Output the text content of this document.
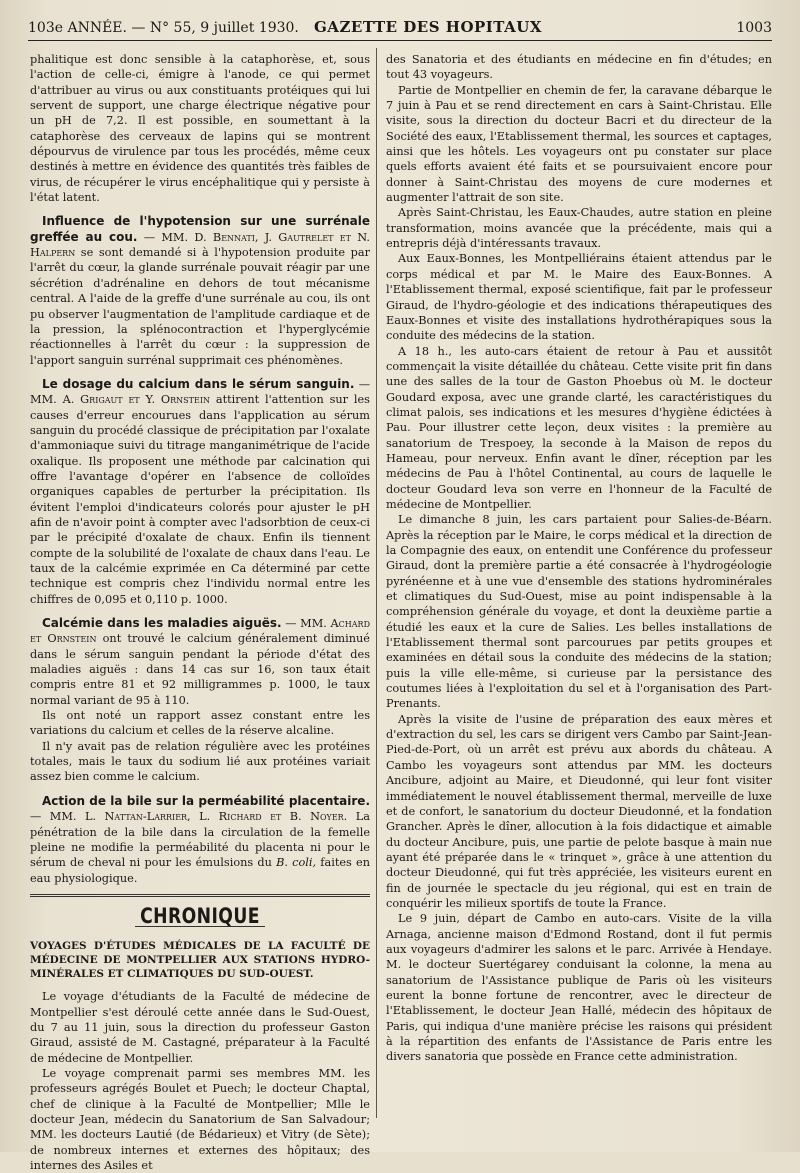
103e ANNÉE. — N° 55, 9 juillet 1930. GAZETTE DES HOPITAUX	1003

phalitique est donc sensible à la cataphorèse, et, sous l'action de celle-ci, émigre à l'anode, ce qui permet d'attribuer au virus ou aux constituants protéiques qui lui servent de support, une charge électrique négative pour un pH de 7,2. Il est possible, en soumettant à la cataphorèse des cerveaux de lapins qui se montrent dépourvus de virulence par tous les procédés, même ceux destinés à mettre en évidence des quantités très faibles de virus, de récupérer le virus encéphalitique qui y persiste à l'état latent.

Influence de l'hypotension sur une surrénale greffée au cou. — MM. D. Bennati, J. Gautrelet et N. Halpern se sont demandé si à l'hypotension produite par l'arrêt du cœur, la glande surrénale pouvait réagir par une sécrétion d'adrénaline en dehors de tout mécanisme central. A l'aide de la greffe d'une surrénale au cou, ils ont pu observer l'augmentation de l'amplitude cardiaque et de la pression, la splénocontraction et l'hyperglycémie réactionnelles à l'arrêt du cœur : la suppression de l'apport sanguin surrénal supprimait ces phénomènes.

Le dosage du calcium dans le sérum sanguin. — MM. A. Grigaut et Y. Ornstein attirent l'attention sur les causes d'erreur encourues dans l'application au sérum sanguin du procédé classique de précipitation par l'oxalate d'ammoniaque suivi du titrage manganimétrique de l'acide oxalique. Ils proposent une méthode par calcination qui offre l'avantage d'opérer en l'absence de colloïdes organiques capables de perturber la précipitation. Ils évitent l'emploi d'indicateurs colorés pour ajuster le pH afin de n'avoir point à compter avec l'adsorbtion de ceux-ci par le précipité d'oxalate de chaux. Enfin ils tiennent compte de la solubilité de l'oxalate de chaux dans l'eau. Le taux de la calcémie exprimée en Ca déterminé par cette technique est compris chez l'individu normal entre les chiffres de 0,095 et 0,110 p. 1000.

Calcémie dans les maladies aiguës. — MM. Achard et Ornstein ont trouvé le calcium généralement diminué dans le sérum sanguin pendant la période d'état des maladies aiguës : dans 14 cas sur 16, son taux était compris entre 81 et 92 milligrammes p. 1000, le taux normal variant de 95 à 110.

Ils ont noté un rapport assez constant entre les variations du calcium et celles de la réserve alcaline.

Il n'y avait pas de relation régulière avec les protéines totales, mais le taux du sodium lié aux protéines variait assez bien comme le calcium.

Action de la bile sur la perméabilité placentaire. — MM. L. Nattan-Larrier, L. Richard et B. Noyer. La pénétration de la bile dans la circulation de la femelle pleine ne modifie la perméabilité du placenta ni pour le sérum de cheval ni pour les émulsions du B. coli, faites en eau physiologique.

CHRONIQUE

VOYAGES D'ÉTUDES MÉDICALES DE LA FACULTÉ DE MÉDECINE DE MONTPELLIER AUX STATIONS HYDRO-MINÉRALES ET CLIMATIQUES DU SUD-OUEST.

Le voyage d'étudiants de la Faculté de médecine de Montpellier s'est déroulé cette année dans le Sud-Ouest, du 7 au 11 juin, sous la direction du professeur Gaston Giraud, assisté de M. Castagné, préparateur à la Faculté de médecine de Montpellier.

Le voyage comprenait parmi ses membres MM. les professeurs agrégés Boulet et Puech; le docteur Chaptal, chef de clinique à la Faculté de Montpellier; Mlle le docteur Jean, médecin du Sanatorium de San Salvadour; MM. les docteurs Lautié (de Bédarieux) et Vitry (de Sète); de nombreux internes et externes des hôpitaux; des internes des Asiles et

des Sanatoria et des étudiants en médecine en fin d'études; en tout 43 voyageurs.

Partie de Montpellier en chemin de fer, la caravane débarque le 7 juin à Pau et se rend directement en cars à Saint-Christau. Elle visite, sous la direction du docteur Bacri et du directeur de la Société des eaux, l'Etablissement thermal, les sources et captages, ainsi que les hôtels. Les voyageurs ont pu constater sur place quels efforts avaient été faits et se poursuivaient encore pour donner à Saint-Christau des moyens de cure modernes et augmenter l'attrait de son site.

Après Saint-Christau, les Eaux-Chaudes, autre station en pleine transformation, moins avancée que la précédente, mais qui a entrepris déjà d'intéressants travaux.

Aux Eaux-Bonnes, les Montpelliérains étaient attendus par le corps médical et par M. le Maire des Eaux-Bonnes. A l'Etablissement thermal, exposé scientifique, fait par le professeur Giraud, de l'hydro-géologie et des indications thérapeutiques des Eaux-Bonnes et visite des installations hydrothérapiques sous la conduite des médecins de la station.

A 18 h., les auto-cars étaient de retour à Pau et aussitôt commençait la visite détaillée du château. Cette visite prit fin dans une des salles de la tour de Gaston Phoebus où M. le docteur Goudard exposa, avec une grande clarté, les caractéristiques du climat palois, ses indications et les mesures d'hygiène édictées à Pau. Pour illustrer cette leçon, deux visites : la première au sanatorium de Trespoey, la seconde à la Maison de repos du Hameau, pour nerveux. Enfin avant le dîner, réception par les médecins de Pau à l'hôtel Continental, au cours de laquelle le docteur Goudard leva son verre en l'honneur de la Faculté de médecine de Montpellier.

Le dimanche 8 juin, les cars partaient pour Salies-de-Béarn. Après la réception par le Maire, le corps médical et la direction de la Compagnie des eaux, on entendit une Conférence du professeur Giraud, dont la première partie a été consacrée à l'hydrogéologie pyrénéenne et à une vue d'ensemble des stations hydrominérales et climatiques du Sud-Ouest, mise au point indispensable à la compréhension générale du voyage, et dont la deuxième partie a étudié les eaux et la cure de Salies. Les belles installations de l'Etablissement thermal sont parcourues par petits groupes et examinées en détail sous la conduite des médecins de la station; puis la ville elle-même, si curieuse par la persistance des coutumes liées à l'exploitation du sel et à l'organisation des Part-Prenants.

Après la visite de l'usine de préparation des eaux mères et d'extraction du sel, les cars se dirigent vers Cambo par Saint-Jean-Pied-de-Port, où un arrêt est prévu aux abords du château. A Cambo les voyageurs sont attendus par MM. les docteurs Ancibure, adjoint au Maire, et Dieudonné, qui leur font visiter immédiatement le nouvel établissement thermal, merveille de luxe et de confort, le sanatorium du docteur Dieudonné, et la fondation Grancher. Après le dîner, allocution à la fois didactique et aimable du docteur Ancibure, puis, une partie de pelote basque à main nue ayant été préparée dans le « trinquet », grâce à une attention du docteur Dieudonné, qui fut très appréciée, les visiteurs eurent en fin de journée le spectacle du jeu régional, qui est en train de conquérir les milieux sportifs de toute la France.

Le 9 juin, départ de Cambo en auto-cars. Visite de la villa Arnaga, ancienne maison d'Edmond Rostand, dont il fut permis aux voyageurs d'admirer les salons et le parc. Arrivée à Hendaye. M. le docteur Suertégarey conduisant la colonne, la mena au sanatorium de l'Assistance publique de Paris où les visiteurs eurent la bonne fortune de rencontrer, avec le directeur de l'Etablissement, le docteur Jean Hallé, médecin des hôpitaux de Paris, qui indiqua d'une manière précise les raisons qui président à la répartition des enfants de l'Assistance de Paris entre les divers sanatoria que possède en France cette administration.
